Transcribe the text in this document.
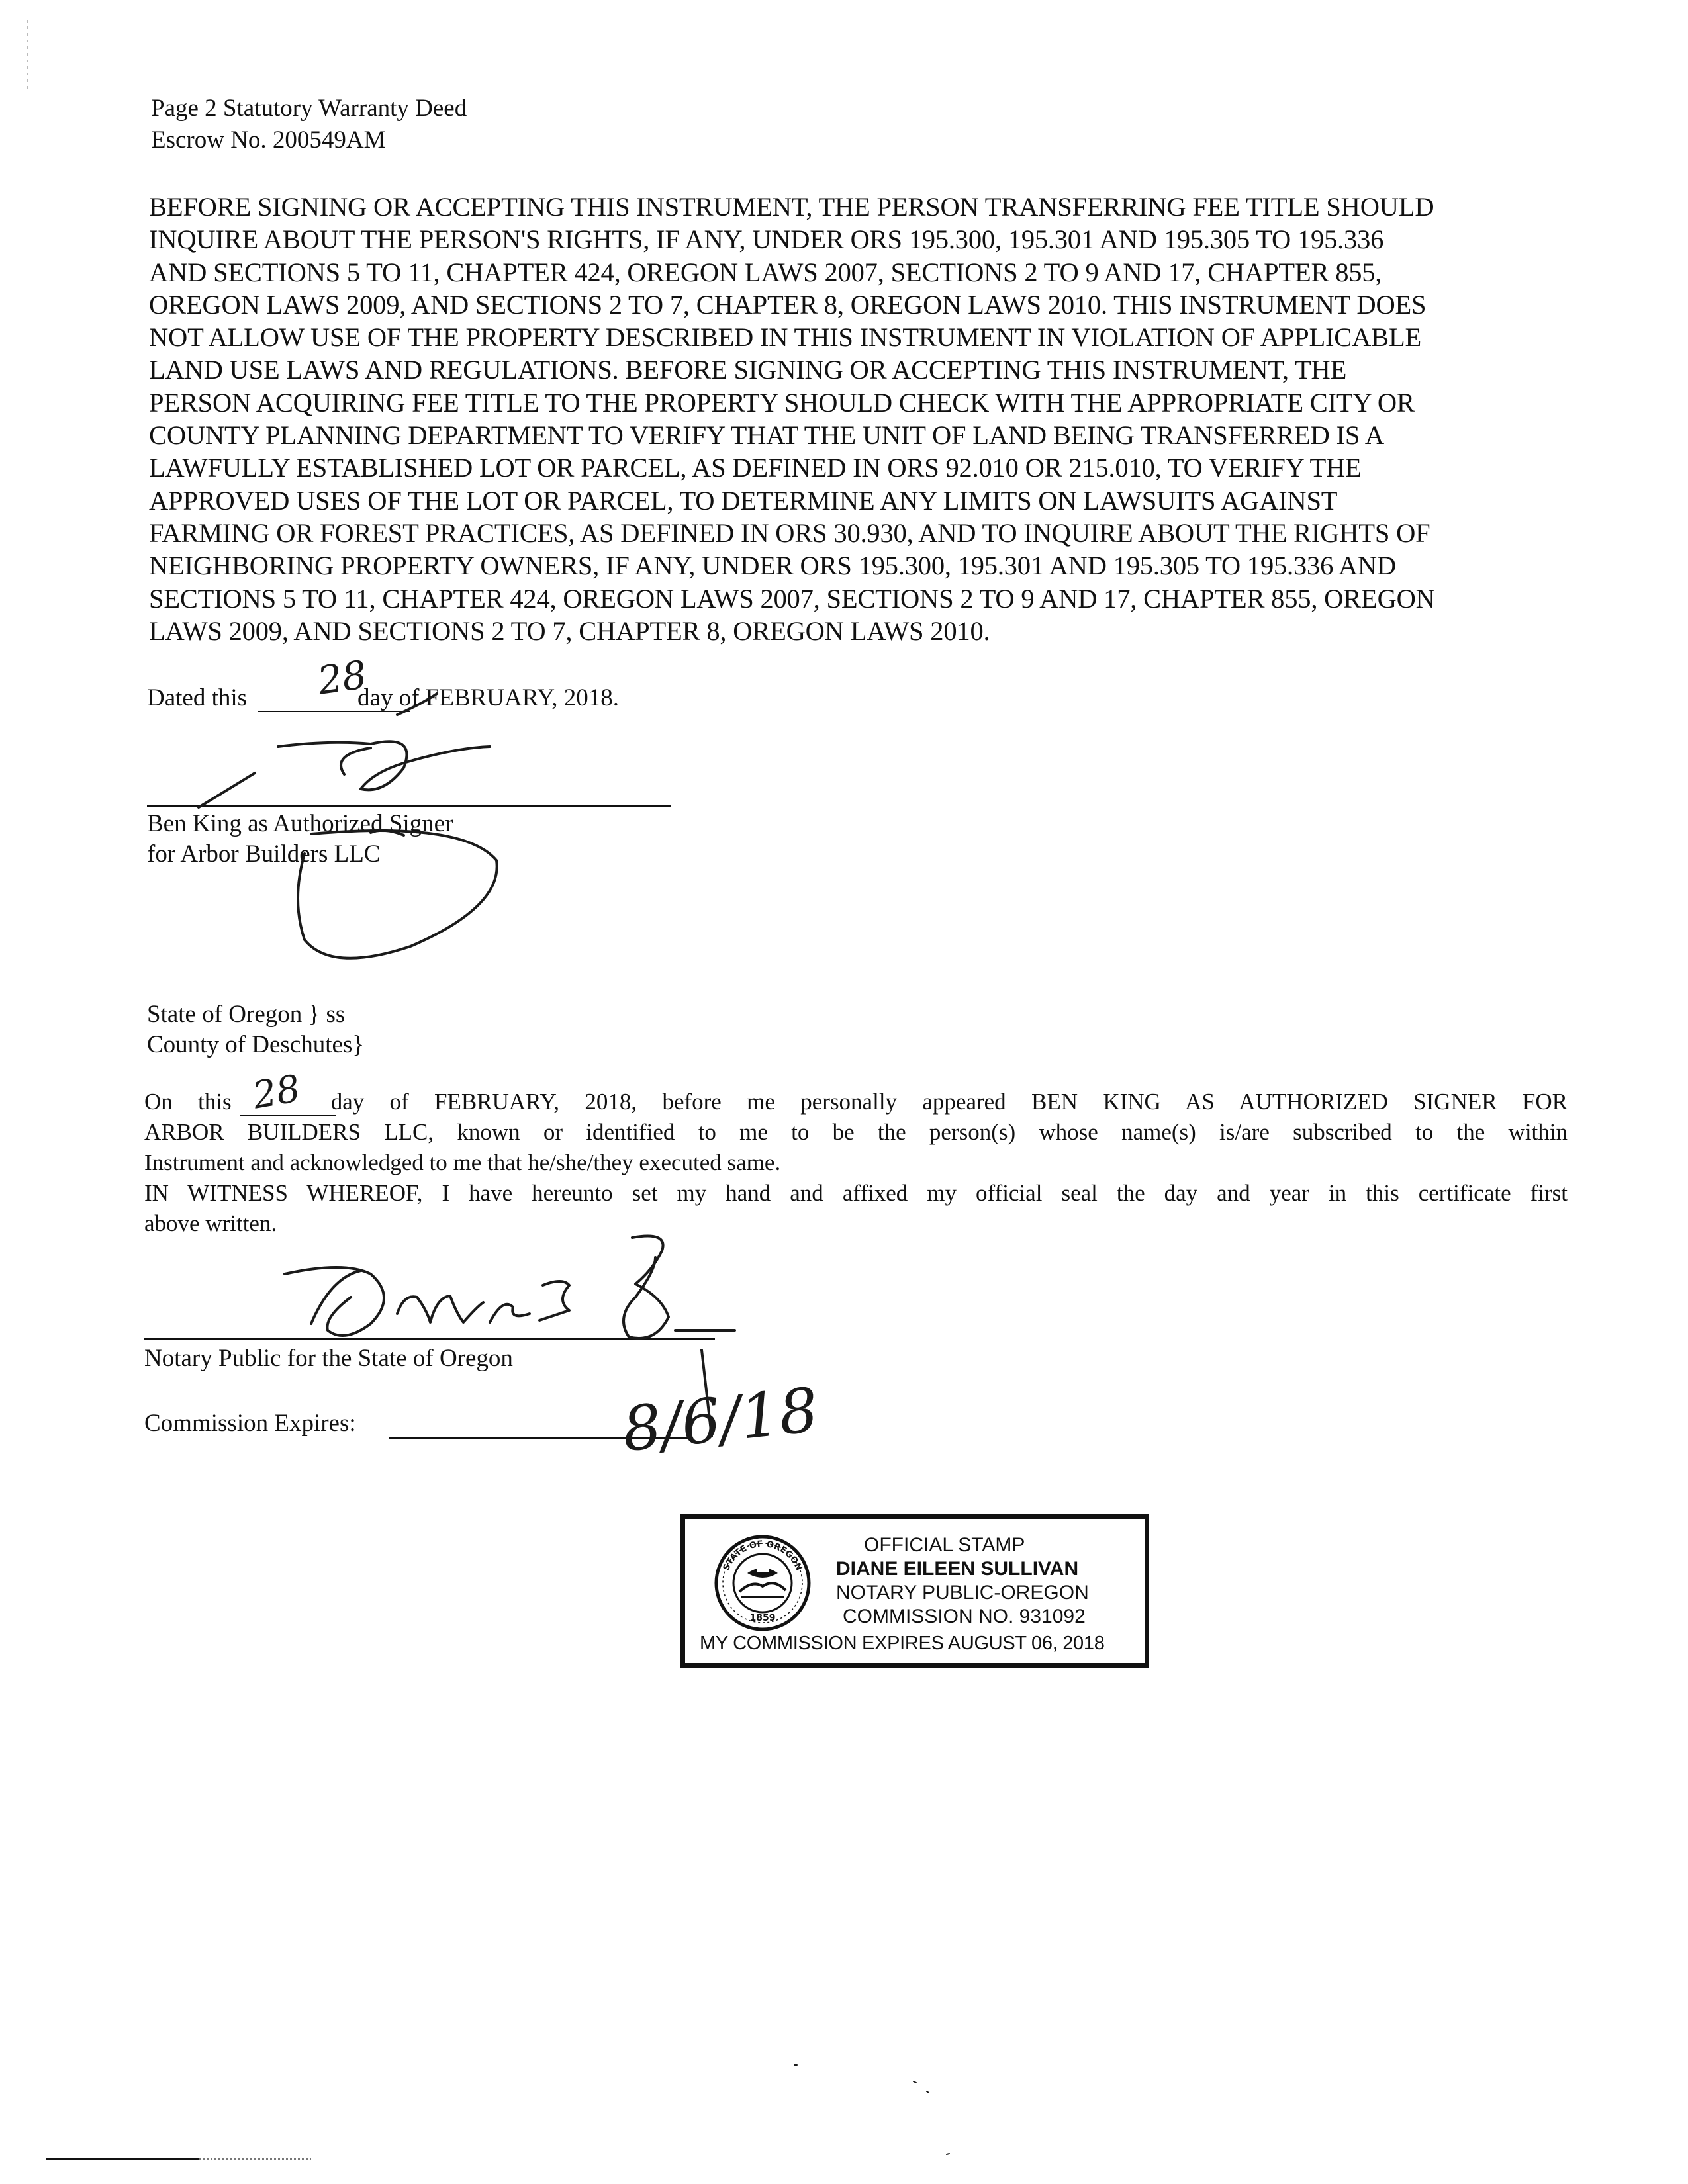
Page 2 Statutory Warranty Deed
Escrow No. 200549AM
BEFORE SIGNING OR ACCEPTING THIS INSTRUMENT, THE PERSON TRANSFERRING FEE TITLE SHOULD
INQUIRE ABOUT THE PERSON'S RIGHTS, IF ANY, UNDER ORS 195.300, 195.301 AND 195.305 TO 195.336
AND SECTIONS 5 TO 11, CHAPTER 424, OREGON LAWS 2007, SECTIONS 2 TO 9 AND 17, CHAPTER 855,
OREGON LAWS 2009, AND SECTIONS 2 TO 7, CHAPTER 8, OREGON LAWS 2010. THIS INSTRUMENT DOES
NOT ALLOW USE OF THE PROPERTY DESCRIBED IN THIS INSTRUMENT IN VIOLATION OF APPLICABLE
LAND USE LAWS AND REGULATIONS. BEFORE SIGNING OR ACCEPTING THIS INSTRUMENT, THE
PERSON ACQUIRING FEE TITLE TO THE PROPERTY SHOULD CHECK WITH THE APPROPRIATE CITY OR
COUNTY PLANNING DEPARTMENT TO VERIFY THAT THE UNIT OF LAND BEING TRANSFERRED IS A
LAWFULLY ESTABLISHED LOT OR PARCEL, AS DEFINED IN ORS 92.010 OR 215.010, TO VERIFY THE
APPROVED USES OF THE LOT OR PARCEL, TO DETERMINE ANY LIMITS ON LAWSUITS AGAINST
FARMING OR FOREST PRACTICES, AS DEFINED IN ORS 30.930, AND TO INQUIRE ABOUT THE RIGHTS OF
NEIGHBORING PROPERTY OWNERS, IF ANY, UNDER ORS 195.300, 195.301 AND 195.305 TO 195.336 AND
SECTIONS 5 TO 11, CHAPTER 424, OREGON LAWS 2007, SECTIONS 2 TO 9 AND 17, CHAPTER 855, OREGON
LAWS 2009, AND SECTIONS 2 TO 7, CHAPTER 8, OREGON LAWS 2010.
Dated this	day of FEBRUARY, 2018.
28
Ben King as Authorized Signer
for Arbor Builders LLC
State of Oregon } ss
County of Deschutes}
On this	day of FEBRUARY, 2018, before me personally appeared BEN KING AS AUTHORIZED SIGNER FOR
ARBOR BUILDERS LLC, known or identified to me to be the person(s) whose name(s) is/are subscribed to the within
Instrument and acknowledged to me that he/she/they executed same.
IN WITNESS WHEREOF, I have hereunto set my hand and affixed my official seal the day and year in this certificate first
above written.
28
Notary Public for the State of Oregon
Commission Expires:	8/6/18
STATE OF OREGON
1859
OFFICIAL STAMP
DIANE EILEEN SULLIVAN
NOTARY PUBLIC-OREGON
COMMISSION NO. 931092
MY COMMISSION EXPIRES AUGUST 06, 2018
